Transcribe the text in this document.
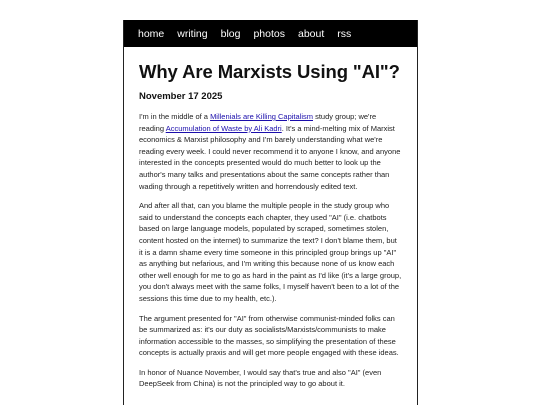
home writing blog photos about rss
Why Are Marxists Using "AI"?
November 17 2025

I'm in the middle of a Millenials are Killing Capitalism study group; we're reading Accumulation of Waste by Ali Kadri. It's a mind-melting mix of Marxist economics & Marxist philosophy and I'm barely understanding what we're reading every week. I could never recommend it to anyone I know, and anyone interested in the concepts presented would do much better to look up the author's many talks and presentations about the same concepts rather than wading through a repetitively written and horrendously edited text.

And after all that, can you blame the multiple people in the study group who said to understand the concepts each chapter, they used "AI" (i.e. chatbots based on large language models, populated by scraped, sometimes stolen, content hosted on the internet) to summarize the text? I don't blame them, but it is a damn shame every time someone in this principled group brings up "AI" as anything but nefarious, and I'm writing this because none of us know each other well enough for me to go as hard in the paint as I'd like (it's a large group, you don't always meet with the same folks, I myself haven't been to a lot of the sessions this time due to my health, etc.).

The argument presented for "AI" from otherwise communist-minded folks can be summarized as: it's our duty as socialists/Marxists/communists to make information accessible to the masses, so simplifying the presentation of these concepts is actually praxis and will get more people engaged with these ideas.

In honor of Nuance November, I would say that's true and also "AI" (even DeepSeek from China) is not the principled way to go about it.
